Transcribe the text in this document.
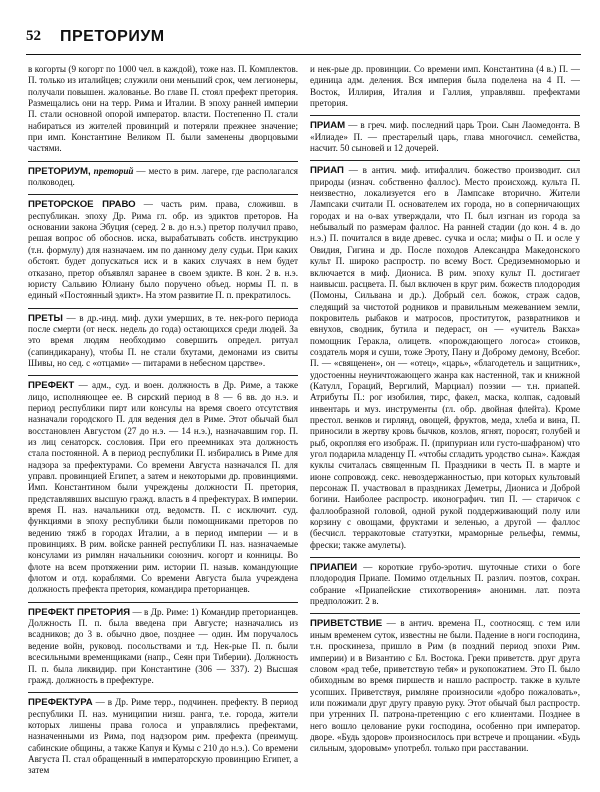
52 ПРЕТОРИУМ

в когорты (9 когорт по 1000 чел. в каждой), тоже наз. П. Комплектов. П. только из италийцев; служили они меньший срок, чем легионеры, получали повышен. жалованье. Во главе П. стоял префект претория. Размещались они на терр. Рима и Италии. В эпоху ранней империи П. стали основной опорой император. власти. Постепенно П. стали набираться из жителей провинций и потеряли прежнее значение; при имп. Константине Великом П. были заменены дворцовыми частями.

ПРЕТОРИУМ, преторий — место в рим. лагере, где располагался полководец.

ПРЕТОРСКОЕ ПРАВО — часть рим. права, сложивш. в республикан. эпоху Др. Рима гл. обр. из эдиктов преторов. На основании закона Эбуция (серед. 2 в. до н.э.) претор получил право, решая вопрос об обоснов. иска, вырабатывать собств. инструкцию (т.н. формулу) для назначаем. им по данному делу судьи. При каких обстоят. будет допускаться иск и в каких случаях в нем будет отказано, претор объявлял заранее в своем эдикте. В кон. 2 в. н.э. юристу Сальвию Юлиану было поручено объед. нормы П. п. в единый «Постоянный эдикт». На этом развитие П. п. прекратилось.

ПРЕТЫ — в др.-инд. миф. духи умерших, в те. нек-рого периода после смерти (от неск. недель до года) остающихся среди людей. За это время людям необходимо совершить определ. ритуал (сапиндикарану), чтобы П. не стали бхутами, демонами из свиты Шивы, но сед. с «отцами» — питарами в небесном царстве».

ПРЕФЕКТ — адм., суд. и воен. должность в Др. Риме, а также лицо, исполняющее ее. В сирский период в 8 — 6 вв. до н.э. и период республики пирт или консулы на время своего отсутствия назначали городского П. для ведения дел в Риме. Этот обычай был восстановлен Августом (27 до н.э. — 14 н.э.), назначавшим гор. П. из лиц сенаторск. сословия. При его преемниках эта должность стала постоянной. А в период республики П. избирались в Риме для надзора за префектурами. Со времени Августа назначался П. для управл. провинцией Египет, а затем и некоторыми др. провинциями. Имп. Константином были учреждены должности П. претория, представлявших высшую гражд. власть в 4 префектурах. В империи. время П. наз. начальники отд. ведомств. П. с исключит. суд. функциями в эпоху республики были помощниками преторов по ведению тяжб в городах Италии, а в период империи — и в провинциях. В рим. войске ранней республики П. наз. назначаемые консулами из римлян начальники союзнич. когорт и конницы. Во флоте на всем протяжении рим. истории П. назыв. командующие флотом и отд. кораблями. Со времени Августа была учреждена должность префекта претория, командира преторианцев.

ПРЕФЕКТ ПРЕТОРИЯ — в Др. Риме: 1) Командир преторианцев. Должность П. п. была введена при Августе; назначались из всадников; до 3 в. обычно двое, позднее — один. Им поручалось ведение войн, руковод. посольствами и т.д. Нек-рые П. п. были всесильными временщиками (напр., Сеян при Тиберии). Должность П. п. была ликвидир. при Константине (306 — 337). 2) Высшая гражд. должность в префектуре.

ПРЕФЕКТУРА — в Др. Риме терр., подчинен. префекту. В период республики П. наз. муниципии низш. ранга, т.е. города, жители которых лишены права голоса и управлялись префектами, назначенными из Рима, под надзором рим. префекта (преимущ. сабинские общины, а также Капуя и Кумы с 210 до н.э.). Со времени Августа П. стал обращенный в императорскую провинцию Египет, а затем

и нек-рые др. провинции. Со времени имп. Константина (4 в.) П. — единица адм. деления. Вся империя была поделена на 4 П. — Восток, Иллирия, Италия и Галлия, управлявш. префектами претория.

ПРИАМ — в греч. миф. последний царь Трои. Сын Лаомедонта. В «Илиаде» П. — престарелый царь, глава многочисл. семейства, насчит. 50 сыновей и 12 дочерей.

ПРИАП — в антич. миф. итифаллич. божество производит. сил природы (изнач. собственно фаллос). Место происхожд. культа П. неизвестно, локализуется его в Лампсаке вторично. Жители Лампсаки считали П. основателем их города, но в соперничающих городах и на о-вах утверждали, что П. был изгнан из города за небывалый по размерам фаллос. На ранней стадии (до кон. 4 в. до н.э.) П. почитался в виде древес. сучка и осла; мифы о П. и осле у Овидия, Гигина и др. После походов Александра Македонского культ П. широко распростр. по всему Вост. Средиземноморью и включается в миф. Диониса. В рим. эпоху культ П. достигает наивысш. расцвета. П. был включен в круг рим. божеств плодородия (Помоны, Сильвана и др.). Добрый сел. божок, страж садов, следящий за чистотой родников и правильным межеванием земли, покровитель рыбаков и матросов, проституток, развратников и евнухов, сводник, бутила и педераст, он — «учитель Вакха» помощник Геракла, олицетв. «порождающего логоса» стоиков, создатель моря и суши, тоже Эроту, Пану и Доброму демону, Всебог. П. — «священен», он — «отец», «царь», «благодетель и защитник», удостоенны неуничтожающего жанра как настенной, так и книжной (Катулл, Гораций, Вергилий, Марциал) поэзии — т.н. приапей. Атрибуты П.: рог изобилия, тирс, факел, маска, колпак, садовый инвентарь и муз. инструменты (гл. обр. двойная флейта). Кроме престол. венков и гирлянд, овощей, фруктов, меда, хлеба и вина, П. приносили в жертву кровь бычков, козлов, ягнят, поросят, голубей и рыб, окропляя его изображ. П. (припуриан или густо-шафраном) что угол подарила младенцу П. «чтобы сгладить уродство сына». Каждая куклы считалась священным П. Праздники в честь П. в марте и июне сопровожд. секс. невоздержанностью, при которых культовый персонаж П. участвовал в праздниках Деметры, Диониса и Доброй богини. Наиболее распростр. иконографич. тип П. — старичок с фаллообразной головой, одной рукой поддерживающий полу или корзину с овощами, фруктами и зеленью, а другой — фаллос (бесчисл. терракотовые статуэтки, мраморные рельефы, геммы, фрески; также амулеты).

ПРИАПЕИ — короткие грубо-эротич. шуточные стихи о боге плодородия Приапе. Помимо отдельных П. различ. поэтов, сохран. собрание «Приапейские стихотворения» анонимн. лат. поэта предположит. 2 в.

ПРИВЕТСТВИЕ — в антич. времена П., соотносящ. с тем или иным временем суток, известны не были. Падение в ноги господина, т.н. проскинеза, пришло в Рим (в поздний период эпохи Рим. империи) и в Византию с Бл. Востока. Греки приветств. друг друга словом «рад тебе, приветствую тебя» и рукопожатием. Это П. было обиходным во время пиршеств и нашло распростр. также в культе усопших. Приветствуя, римляне произносили «добро пожаловать», или пожимали друг другу правую руку. Этот обычай был распростр. при утренних П. патрона-претенцию с его клиентами. Позднее в него вошло целование руки господина, особенно при император. дворе. «Будь здоров» произносилось при встрече и прощании. «Будь сильным, здоровым» употребл. только при расставании.
